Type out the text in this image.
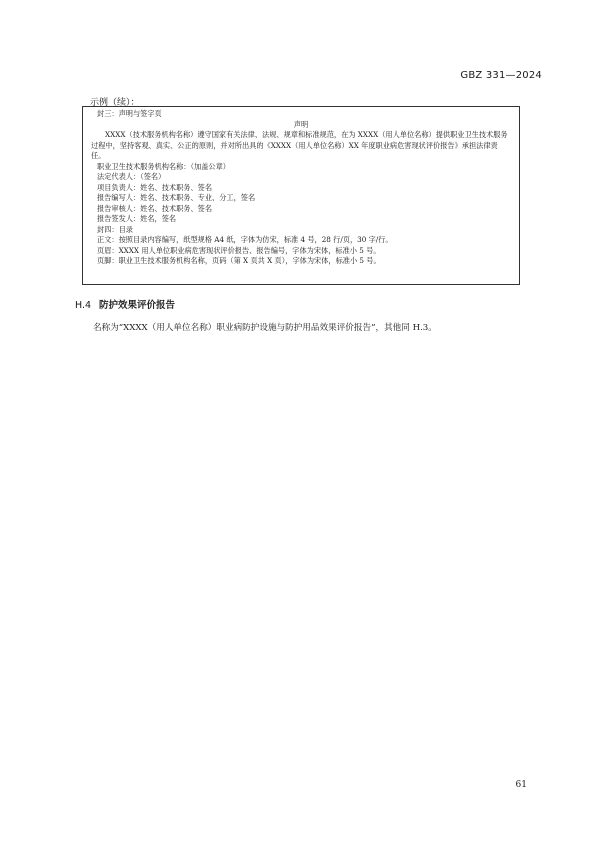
GBZ 331—2024
示例（续）：
封三：声明与签字页
声明
XXXX（技术服务机构名称）遵守国家有关法律、法规、规章和标准规范，在为 XXXX（用人单位名称）提供职业卫生技术服务过程中，坚持客观、真实、公正的原则，并对所出具的《XXXX（用人单位名称）XX 年度职业病危害现状评价报告》承担法律责任。
职业卫生技术服务机构名称：（加盖公章）
法定代表人：（签名）
项目负责人：姓名、技术职务、签名
报告编写人：姓名、技术职务、专业、分工，签名
报告审核人：姓名、技术职务、签名
报告签发人：姓名，签名
封四：目录
正文：按照目录内容编写，纸型规格 A4 纸，字体为仿宋，标准 4 号，28 行/页，30 字/行。
页眉：XXXX 用人单位职业病危害现状评价报告、报告编号，字体为宋体，标准小 5 号。
页脚：职业卫生技术服务机构名称，页码（第 X 页共 X 页），字体为宋体，标准小 5 号。
H.4 防护效果评价报告
名称为“XXXX（用人单位名称）职业病防护设施与防护用品效果评价报告”，其他同 H.3。
61
